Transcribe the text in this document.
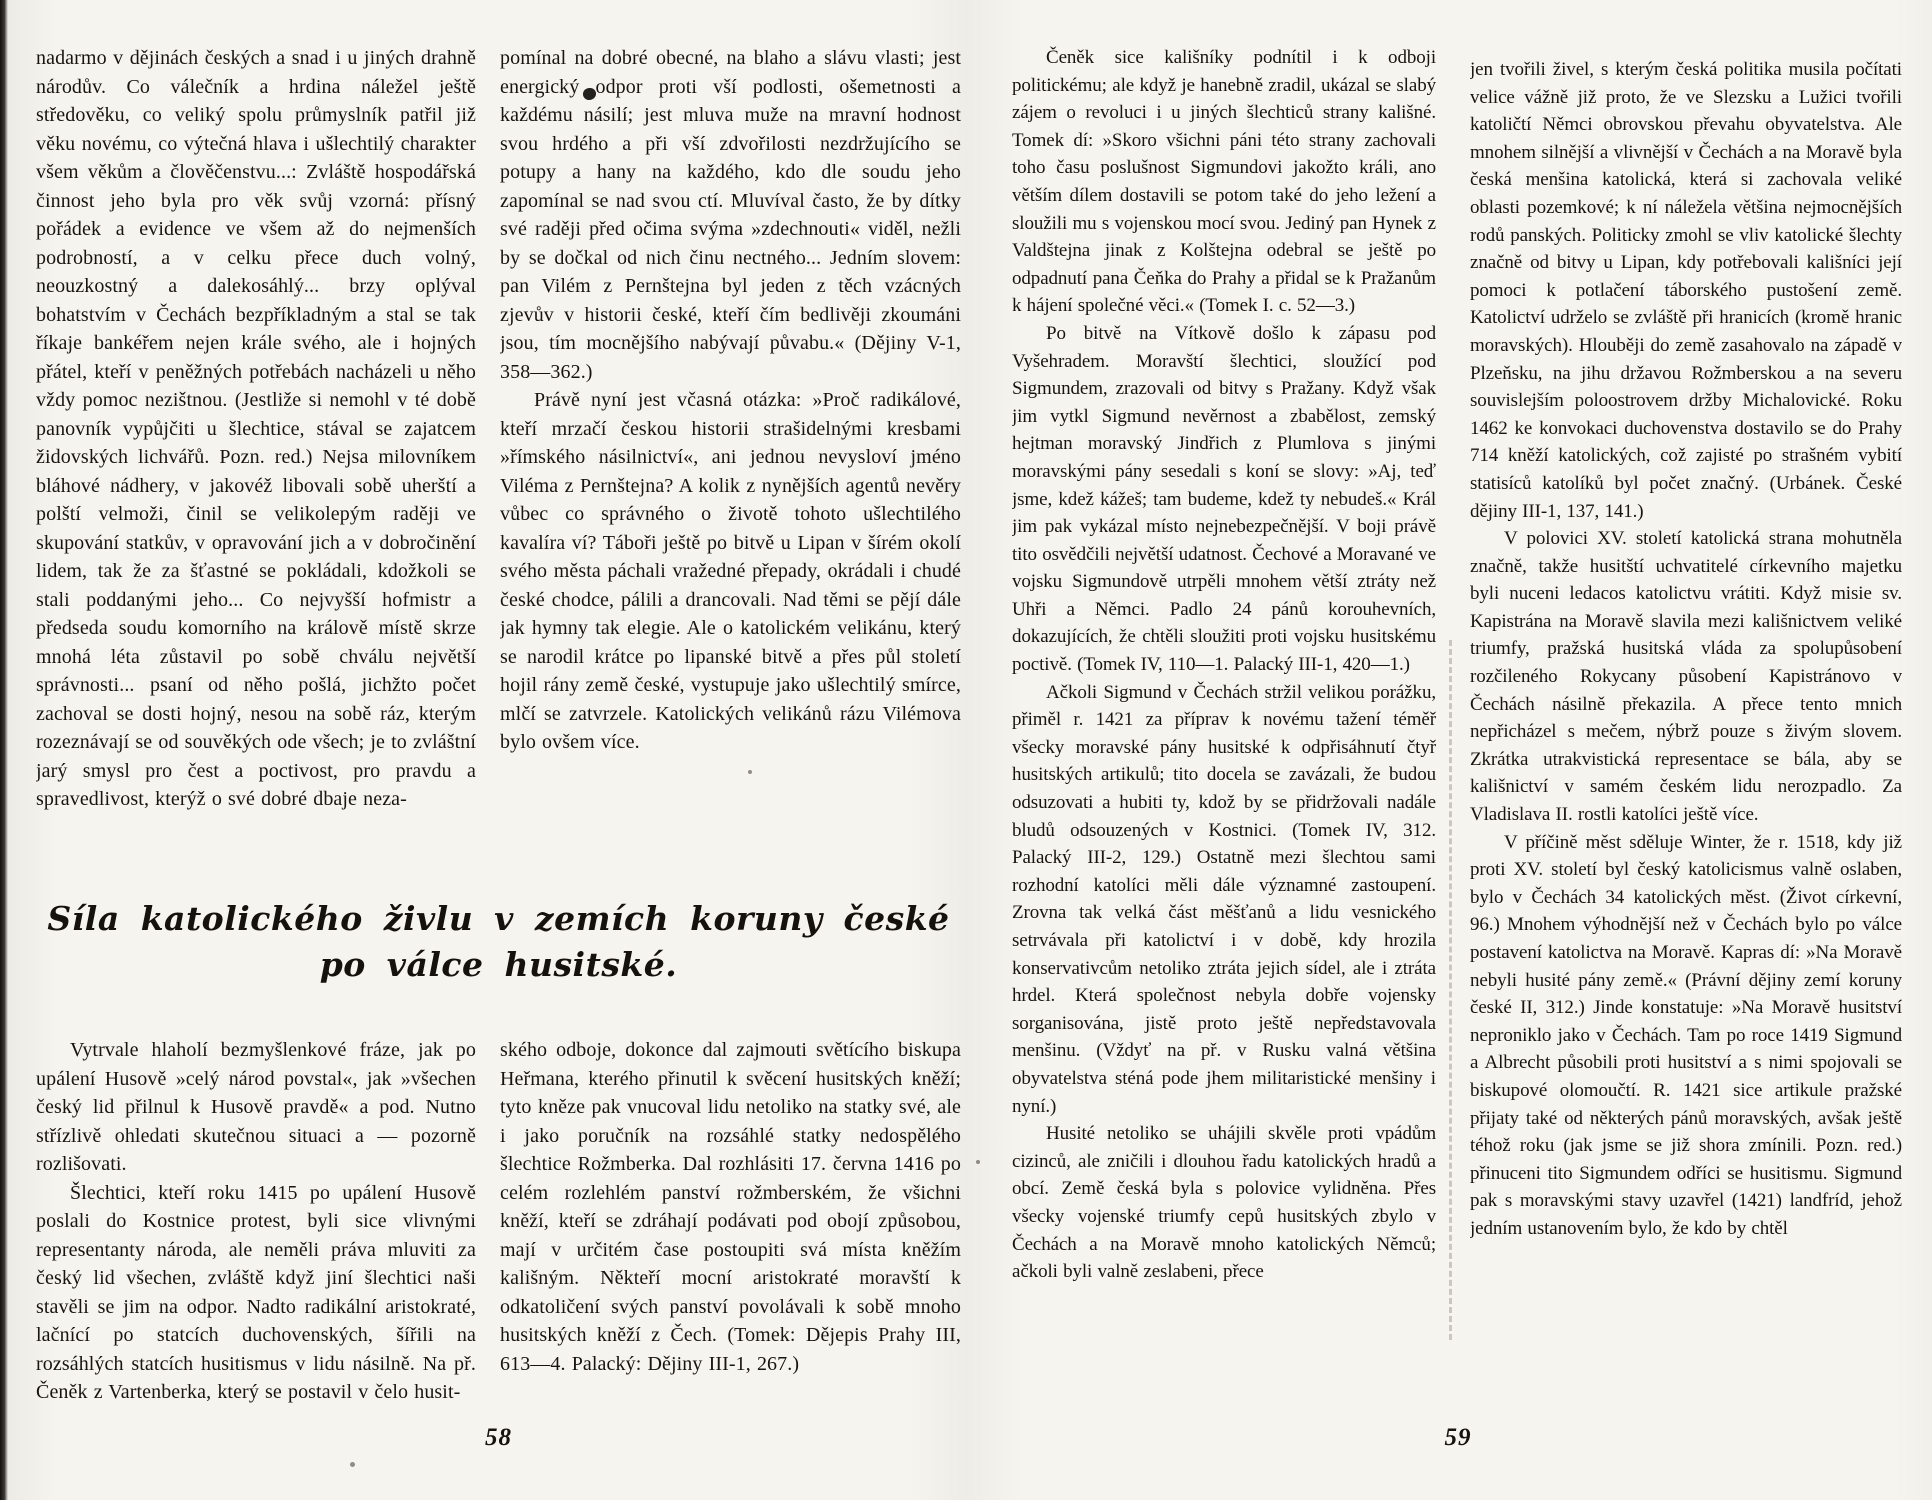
nadarmo v dějinách českých a snad i u jiných drahně národův. Co válečník a hrdina náležel ještě středověku, co veliký spolu průmyslník patřil již věku novému, co výtečná hlava i ušlechtilý charakter všem věkům a člověčenstvu...: Zvláště hospodářská činnost jeho byla pro věk svůj vzorná: přísný pořádek a evidence ve všem až do nejmenších podrobností, a v celku přece duch volný, neouzkostný a dalekosáhlý... brzy oplýval bohatstvím v Čechách bezpříkladným a stal se tak říkaje bankéřem nejen krále svého, ale i hojných přátel, kteří v peněžných potřebách nacházeli u něho vždy pomoc nezištnou. (Jestliže si nemohl v té době panovník vypůjčiti u šlechtice, stával se zajatcem židovských lichvářů. Pozn. red.) Nejsa milovníkem bláhové nádhery, v jakovéž libovali sobě uherští a polští velmoži, činil se velikolepým raději ve skupování statkův, v opravování jich a v dobročinění lidem, tak že za šťastné se pokládali, kdožkoli se stali poddanými jeho... Co nejvyšší hofmistr a předseda soudu komorního na králově místě skrze mnohá léta zůstavil po sobě chválu největší správnosti... psaní od něho pošlá, jichžto počet zachoval se dosti hojný, nesou na sobě ráz, kterým rozeznávají se od souvěkých ode všech; je to zvláštní jarý smysl pro čest a poctivost, pro pravdu a spravedlivost, kterýž o své dobré dbaje neza-

pomínal na dobré obecné, na blaho a slávu vlasti; jest energický odpor proti vší podlosti, ošemetnosti a každému násilí; jest mluva muže na mravní hodnost svou hrdého a při vší zdvořilosti nezdržujícího se potupy a hany na každého, kdo dle soudu jeho zapomínal se nad svou ctí. Mluvíval často, že by dítky své raději před očima svýma »zdechnouti« viděl, nežli by se dočkal od nich činu nectného... Jedním slovem: pan Vilém z Pernštejna byl jeden z těch vzácných zjevův v historii české, kteří čím bedlivěji zkoumáni jsou, tím mocnějšího nabývají půvabu.« (Dějiny V-1, 358—362.)

Právě nyní jest včasná otázka: »Proč radikálové, kteří mrzačí českou historii strašidelnými kresbami »římského násilnictví«, ani jednou nevysloví jméno Viléma z Pernštejna? A kolik z nynějších agentů nevěry vůbec co správného o životě tohoto ušlechtilého kavalíra ví? Táboři ještě po bitvě u Lipan v šírém okolí svého města páchali vražedné přepady, okrádali i chudé české chodce, pálili a drancovali. Nad těmi se pějí dále jak hymny tak elegie. Ale o katolickém velikánu, který se narodil krátce po lipanské bitvě a přes půl století hojil rány země české, vystupuje jako ušlechtilý smírce, mlčí se zatvrzele. Katolických velikánů rázu Vilémova bylo ovšem více.

Síla katolického živlu v zemích koruny české
po válce husitské.

Vytrvale hlaholí bezmyšlenkové fráze, jak po upálení Husově »celý národ povstal«, jak »všechen český lid přilnul k Husově pravdě« a pod. Nutno střízlivě ohledati skutečnou situaci a — pozorně rozlišovati.

Šlechtici, kteří roku 1415 po upálení Husově poslali do Kostnice protest, byli sice vlivnými representanty národa, ale neměli práva mluviti za český lid všechen, zvláště když jiní šlechtici naši stavěli se jim na odpor. Nadto radikální aristokraté, lačnící po statcích duchovenských, šířili na rozsáhlých statcích husitismus v lidu násilně. Na př. Čeněk z Vartenberka, který se postavil v čelo husit-

ského odboje, dokonce dal zajmouti světícího biskupa Heřmana, kterého přinutil k svěcení husitských kněží; tyto kněze pak vnucoval lidu netoliko na statky své, ale i jako poručník na rozsáhlé statky nedospělého šlechtice Rožmberka. Dal rozhlásiti 17. června 1416 po celém rozlehlém panství rožmberském, že všichni kněží, kteří se zdráhají podávati pod obojí způsobou, mají v určitém čase postoupiti svá místa kněžím kališným. Někteří mocní aristokraté moravští k odkatoličení svých panství povolávali k sobě mnoho husitských kněží z Čech. (Tomek: Dějepis Prahy III, 613—4. Palacký: Dějiny III-1, 267.)

58

Čeněk sice kališníky podnítil i k odboji politickému; ale když je hanebně zradil, ukázal se slabý zájem o revoluci i u jiných šlechticů strany kališné. Tomek dí: »Skoro všichni páni této strany zachovali toho času poslušnost Sigmundovi jakožto králi, ano větším dílem dostavili se potom také do jeho ležení a sloužili mu s vojenskou mocí svou. Jediný pan Hynek z Valdštejna jinak z Kolštejna odebral se ještě po odpadnutí pana Čeňka do Prahy a přidal se k Pražanům k hájení společné věci.« (Tomek I. c. 52—3.)

Po bitvě na Vítkově došlo k zápasu pod Vyšehradem. Moravští šlechtici, sloužící pod Sigmundem, zrazovali od bitvy s Pražany. Když však jim vytkl Sigmund nevěrnost a zbabělost, zemský hejtman moravský Jindřich z Plumlova s jinými moravskými pány sesedali s koní se slovy: »Aj, teď jsme, kdež kážeš; tam budeme, kdež ty nebudeš.« Král jim pak vykázal místo nejnebezpečnější. V boji právě tito osvědčili největší udatnost. Čechové a Moravané ve vojsku Sigmundově utrpěli mnohem větší ztráty než Uhři a Němci. Padlo 24 pánů korouhevních, dokazujících, že chtěli sloužiti proti vojsku husitskému poctivě. (Tomek IV, 110—1. Palacký III-1, 420—1.)

Ačkoli Sigmund v Čechách stržil velikou porážku, přiměl r. 1421 za příprav k novému tažení téměř všecky moravské pány husitské k odpřisáhnutí čtyř husitských artikulů; tito docela se zavázali, že budou odsuzovati a hubiti ty, kdož by se přidržovali nadále bludů odsouzených v Kostnici. (Tomek IV, 312. Palacký III-2, 129.) Ostatně mezi šlechtou sami rozhodní katolíci měli dále významné zastoupení. Zrovna tak velká část měšťanů a lidu vesnického setrvávala při katolictví i v době, kdy hrozila konservativcům netoliko ztráta jejich sídel, ale i ztráta hrdel. Která společnost nebyla dobře vojensky sorganisována, jistě proto ještě nepředstavovala menšinu. (Vždyť na př. v Rusku valná většina obyvatelstva sténá pode jhem militaristické menšiny i nyní.)

Husité netoliko se uhájili skvěle proti vpádům cizinců, ale zničili i dlouhou řadu katolických hradů a obcí. Země česká byla s polovice vylidněna. Přes všecky vojenské triumfy cepů husitských zbylo v Čechách a na Moravě mnoho katolických Němců; ačkoli byli valně zeslabeni, přece

jen tvořili živel, s kterým česká politika musila počítati velice vážně již proto, že ve Slezsku a Lužici tvořili katoličtí Němci obrovskou převahu obyvatelstva. Ale mnohem silnější a vlivnější v Čechách a na Moravě byla česká menšina katolická, která si zachovala veliké oblasti pozemkové; k ní náležela většina nejmocnějších rodů panských. Politicky zmohl se vliv katolické šlechty značně od bitvy u Lipan, kdy potřebovali kališníci její pomoci k potlačení táborského pustošení země. Katolictví udrželo se zvláště při hranicích (kromě hranic moravských). Hlouběji do země zasahovalo na západě v Plzeňsku, na jihu državou Rožmberskou a na severu souvislejším poloostrovem držby Michalovické. Roku 1462 ke konvokaci duchovenstva dostavilo se do Prahy 714 kněží katolických, což zajisté po strašném vybití statisíců katolíků byl počet značný. (Urbánek. České dějiny III-1, 137, 141.)

V polovici XV. století katolická strana mohutněla značně, takže husitští uchvatitelé církevního majetku byli nuceni ledacos katolictvu vrátiti. Když misie sv. Kapistrána na Moravě slavila mezi kališnictvem veliké triumfy, pražská husitská vláda za spolupůsobení rozčileného Rokycany působení Kapistránovo v Čechách násilně překazila. A přece tento mnich nepřicházel s mečem, nýbrž pouze s živým slovem. Zkrátka utrakvistická representace se bála, aby se kališnictví v samém českém lidu nerozpadlo. Za Vladislava II. rostli katolíci ještě více.

V příčině měst sděluje Winter, že r. 1518, kdy již proti XV. století byl český katolicismus valně oslaben, bylo v Čechách 34 katolických měst. (Život církevní, 96.) Mnohem výhodnější než v Čechách bylo po válce postavení katolictva na Moravě. Kapras dí: »Na Moravě nebyli husité pány země.« (Právní dějiny zemí koruny české II, 312.) Jinde konstatuje: »Na Moravě husitství neproniklo jako v Čechách. Tam po roce 1419 Sigmund a Albrecht působili proti husitství a s nimi spojovali se biskupové olomoučtí. R. 1421 sice artikule pražské přijaty také od některých pánů moravských, avšak ještě téhož roku (jak jsme se již shora zmínili. Pozn. red.) přinuceni tito Sigmundem odříci se husitismu. Sigmund pak s moravskými stavy uzavřel (1421) landfríd, jehož jedním ustanovením bylo, že kdo by chtěl

59
